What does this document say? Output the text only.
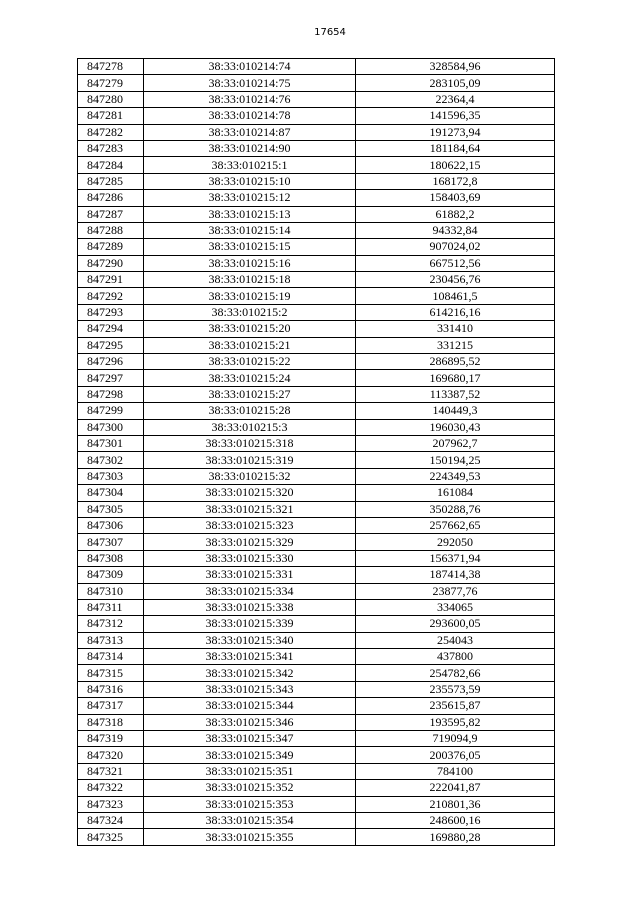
17654
847278	38:33:010214:74	328584,96
847279	38:33:010214:75	283105,09
847280	38:33:010214:76	22364,4
847281	38:33:010214:78	141596,35
847282	38:33:010214:87	191273,94
847283	38:33:010214:90	181184,64
847284	38:33:010215:1	180622,15
847285	38:33:010215:10	168172,8
847286	38:33:010215:12	158403,69
847287	38:33:010215:13	61882,2
847288	38:33:010215:14	94332,84
847289	38:33:010215:15	907024,02
847290	38:33:010215:16	667512,56
847291	38:33:010215:18	230456,76
847292	38:33:010215:19	108461,5
847293	38:33:010215:2	614216,16
847294	38:33:010215:20	331410
847295	38:33:010215:21	331215
847296	38:33:010215:22	286895,52
847297	38:33:010215:24	169680,17
847298	38:33:010215:27	113387,52
847299	38:33:010215:28	140449,3
847300	38:33:010215:3	196030,43
847301	38:33:010215:318	207962,7
847302	38:33:010215:319	150194,25
847303	38:33:010215:32	224349,53
847304	38:33:010215:320	161084
847305	38:33:010215:321	350288,76
847306	38:33:010215:323	257662,65
847307	38:33:010215:329	292050
847308	38:33:010215:330	156371,94
847309	38:33:010215:331	187414,38
847310	38:33:010215:334	23877,76
847311	38:33:010215:338	334065
847312	38:33:010215:339	293600,05
847313	38:33:010215:340	254043
847314	38:33:010215:341	437800
847315	38:33:010215:342	254782,66
847316	38:33:010215:343	235573,59
847317	38:33:010215:344	235615,87
847318	38:33:010215:346	193595,82
847319	38:33:010215:347	719094,9
847320	38:33:010215:349	200376,05
847321	38:33:010215:351	784100
847322	38:33:010215:352	222041,87
847323	38:33:010215:353	210801,36
847324	38:33:010215:354	248600,16
847325	38:33:010215:355	169880,28
